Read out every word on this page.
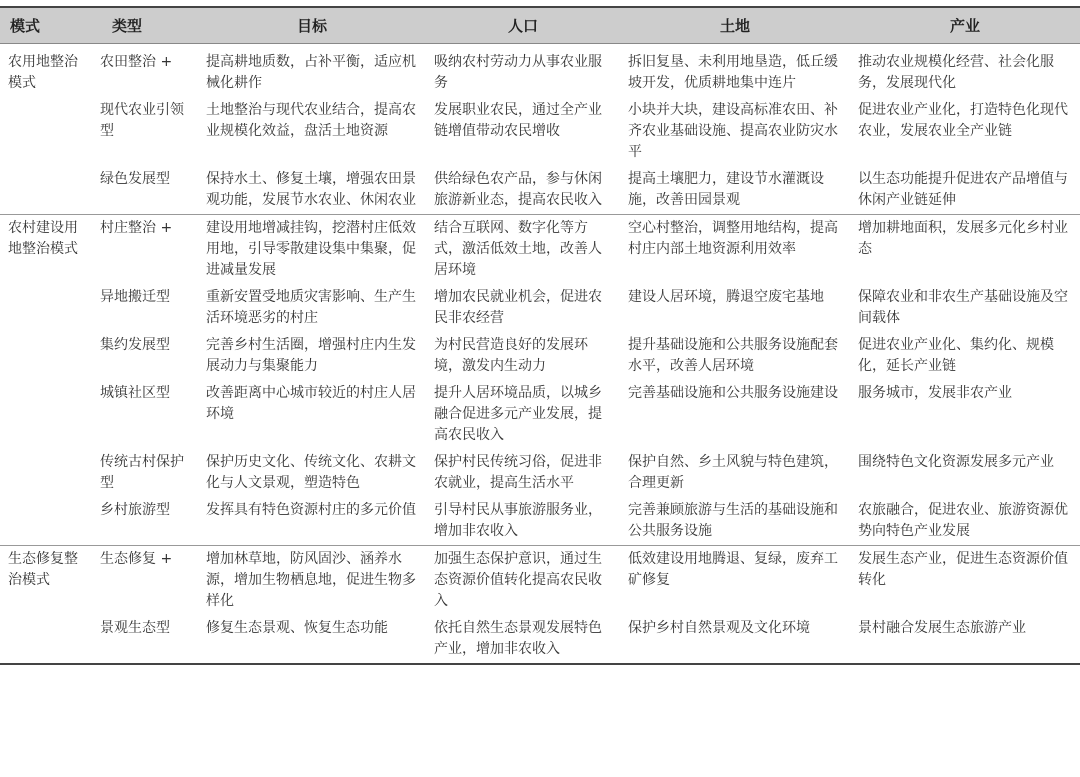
模式	类型	目标	人口	土地	产业
农用地整治模式	农田整治 +	提高耕地质数，占补平衡，适应机械化耕作	吸纳农村劳动力从事农业服务	拆旧复垦、未利用地垦造，低丘缓坡开发，优质耕地集中连片	推动农业规模化经营、社会化服务，发展现代化
	现代农业引领型	土地整治与现代农业结合，提高农业规模化效益，盘活土地资源	发展职业农民，通过全产业链增值带动农民增收	小块并大块，建设高标准农田、补齐农业基础设施、提高农业防灾水平	促进农业产业化，打造特色化现代农业，发展农业全产业链
	绿色发展型	保持水土、修复土壤，增强农田景观功能，发展节水农业、休闲农业	供给绿色农产品，参与休闲旅游新业态，提高农民收入	提高土壤肥力，建设节水灌溉设施，改善田园景观	以生态功能提升促进农产品增值与休闲产业链延伸
农村建设用地整治模式	村庄整治 +	建设用地增减挂钩，挖潜村庄低效用地，引导零散建设集中集聚，促进减量发展	结合互联网、数字化等方式，激活低效土地，改善人居环境	空心村整治，调整用地结构，提高村庄内部土地资源利用效率	增加耕地面积，发展多元化乡村业态
	异地搬迁型	重新安置受地质灾害影响、生产生活环境恶劣的村庄	增加农民就业机会，促进农民非农经营	建设人居环境，腾退空废宅基地	保障农业和非农生产基础设施及空间载体
	集约发展型	完善乡村生活圈，增强村庄内生发展动力与集聚能力	为村民营造良好的发展环境，激发内生动力	提升基础设施和公共服务设施配套水平，改善人居环境	促进农业产业化、集约化、规模化，延长产业链
	城镇社区型	改善距离中心城市较近的村庄人居环境	提升人居环境品质，以城乡融合促进多元产业发展，提高农民收入	完善基础设施和公共服务设施建设	服务城市，发展非农产业
	传统古村保护型	保护历史文化、传统文化、农耕文化与人文景观，塑造特色	保护村民传统习俗，促进非农就业，提高生活水平	保护自然、乡土风貌与特色建筑，合理更新	围绕特色文化资源发展多元产业
	乡村旅游型	发挥具有特色资源村庄的多元价值	引导村民从事旅游服务业，增加非农收入	完善兼顾旅游与生活的基础设施和公共服务设施	农旅融合，促进农业、旅游资源优势向特色产业发展
生态修复整治模式	生态修复 +	增加林草地，防风固沙、涵养水源，增加生物栖息地，促进生物多样化	加强生态保护意识，通过生态资源价值转化提高农民收入	低效建设用地腾退、复绿，废弃工矿修复	发展生态产业，促进生态资源价值转化
	景观生态型	修复生态景观、恢复生态功能	依托自然生态景观发展特色产业，增加非农收入	保护乡村自然景观及文化环境	景村融合发展生态旅游产业
